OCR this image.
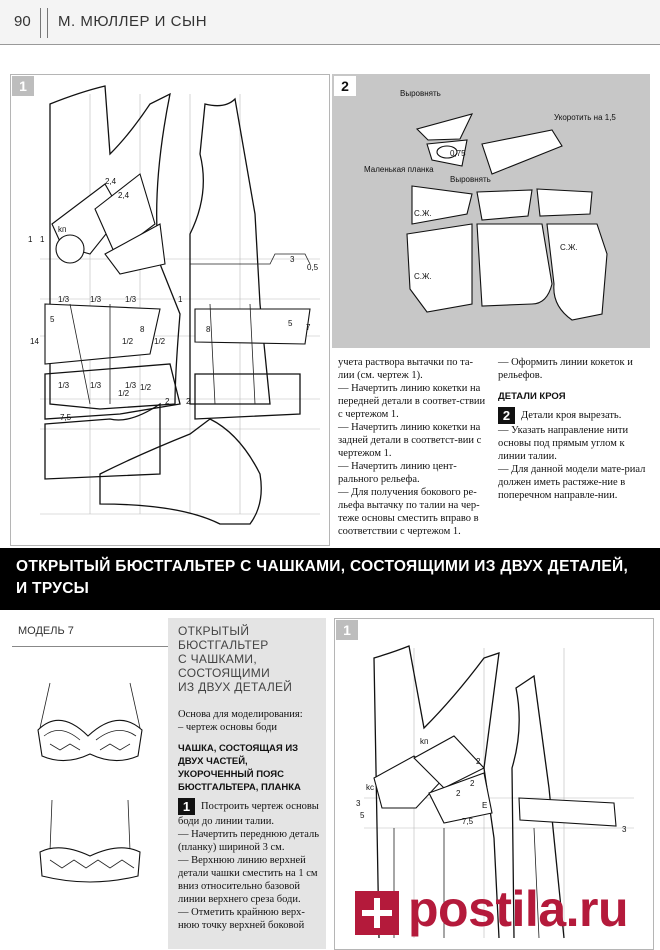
90 М. МЮЛЛЕР И СЫН
1
2,4
2,4
kп
1 1
3
0,5
1/3	1/3	1/3
1/3	1/3	1/3
1/2
1/2
1/2	1/2
8	8
5	5 7
14
7,5
2 2
1
2	Выровнять
Укоротить на 1,5
0,75
Маленькая планка
Выровнять
С.Ж.
С.Ж.
С.Ж.

учета раствора вытачки по та-лии (см. чертеж 1).

— Начертить линию кокетки на передней детали в соответ-ствии с чертежом 1.

— Начертить линию кокетки на задней детали в соответст-вии с чертежом 1.

— Начертить линию цент-рального рельефа.

— Для получения бокового ре-льефа вытачку по талии на чер-теже основы сместить вправо в соответствии с чертежом 1.

— Оформить линии кокеток и рельефов.

ДЕТАЛИ КРОЯ

2 Детали кроя вырезать.

— Указать направление нити основы под прямым углом к линии талии.

— Для данной модели мате-риал должен иметь растяже-ние в поперечном направле-нии.

ОТКРЫТЫЙ БЮСТГАЛЬТЕР С ЧАШКАМИ, СОСТОЯЩИМИ ИЗ ДВУХ ДЕТАЛЕЙ, И ТРУСЫ
МОДЕЛЬ 7	ОТКРЫТЫЙ
БЮСТГАЛЬТЕР
С ЧАШКАМИ,
СОСТОЯЩИМИ
ИЗ ДВУХ ДЕТАЛЕЙ

Основа для моделирования:

– чертеж основы боди

ЧАШКА, СОСТОЯЩАЯ ИЗ ДВУХ ЧАСТЕЙ, УКОРОЧЕННЫЙ ПОЯС БЮСТГАЛЬТЕРА, ПЛАНКА

1 Построить чертеж основы боди до линии талии.

— Начертить переднюю деталь (планку) шириной 3 см.

— Верхнюю линию верхней детали чашки сместить на 1 см вниз относительно базовой линии верхнего среза боди.

— Отметить крайнюю верх-нюю точку верхней боковой

1
kп
2
3
2
kс
2
5
E
7,5
3
postila.ru
